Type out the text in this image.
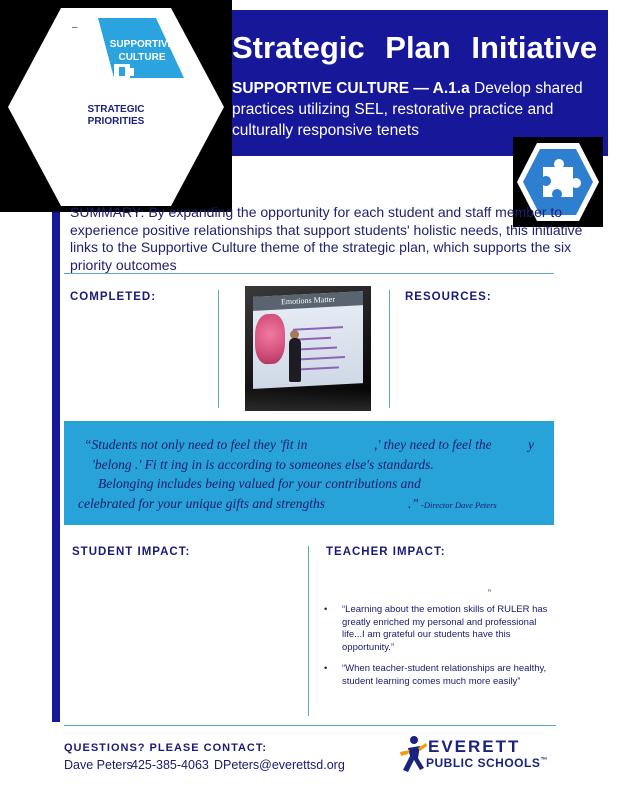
Strategic Plan Initiative
SUPPORTIVE CULTURE — A.1.a Develop shared practices utilizing SEL, restorative practice and culturally responsive tenets
SUPPORTIVE
CULTURE
STRATEGIC
PRIORITIES
–
SUMMARY: By expanding the opportunity for each student and staff member to experience positive relationships that support students' holistic needs, this initiative links to the Supportive Culture theme of the strategic plan, which supports the six priority outcomes
COMPLETED:	Emotions Matter	RESOURCES:
“Students not only need to feel they 'fit in	,' they need to feel the	y
'belong .' Fi tt ing in is according to someones else's standards.
Belonging includes being valued for your contributions and
celebrated for your unique gifts and strengths	.” -Director Dave Peters
STUDENT IMPACT:	TEACHER IMPACT:
”
• “Learning about the emotion skills of RULER has greatly enriched my personal and professional life...I am grateful our students have this opportunity.”
• “When teacher-student relationships are healthy, student learning comes much more easily”
QUESTIONS? PLEASE CONTACT:
Dave Peters
425-385-4063 DPeters@everettsd.org
EVERETT
PUBLIC SCHOOLS™
